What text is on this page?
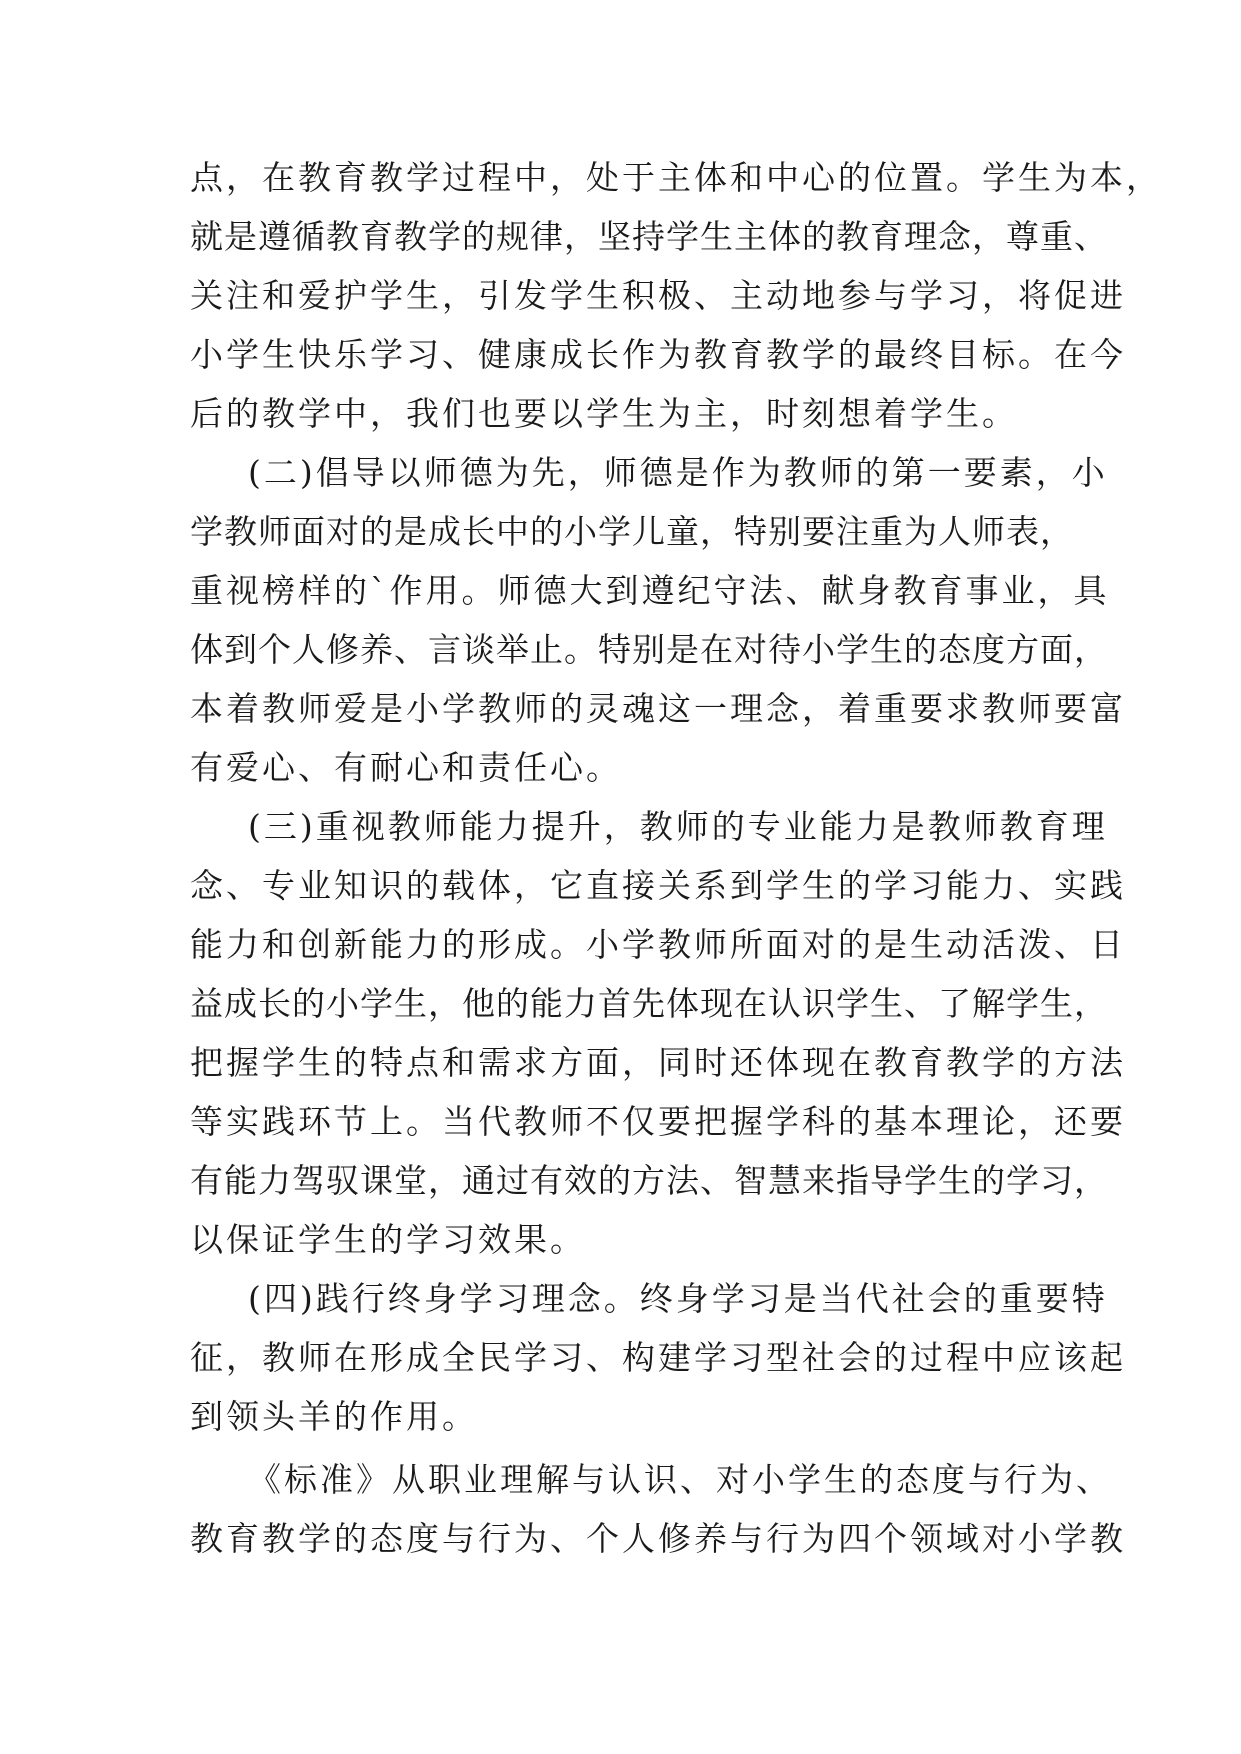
点，在教育教学过程中，处于主体和中心的位置。学生为本，
就是遵循教育教学的规律，坚持学生主体的教育理念，尊重、
关注和爱护学生，引发学生积极、主动地参与学习，将促进
小学生快乐学习、健康成长作为教育教学的最终目标。在今
后的教学中，我们也要以学生为主，时刻想着学生。
(二)倡导以师德为先，师德是作为教师的第一要素，小
学教师面对的是成长中的小学儿童，特别要注重为人师表，
重视榜样的`作用。师德大到遵纪守法、献身教育事业，具
体到个人修养、言谈举止。特别是在对待小学生的态度方面，
本着教师爱是小学教师的灵魂这一理念，着重要求教师要富
有爱心、有耐心和责任心。
(三)重视教师能力提升，教师的专业能力是教师教育理
念、专业知识的载体，它直接关系到学生的学习能力、实践
能力和创新能力的形成。小学教师所面对的是生动活泼、日
益成长的小学生，他的能力首先体现在认识学生、了解学生，
把握学生的特点和需求方面，同时还体现在教育教学的方法
等实践环节上。当代教师不仅要把握学科的基本理论，还要
有能力驾驭课堂，通过有效的方法、智慧来指导学生的学习，
以保证学生的学习效果。
(四)践行终身学习理念。终身学习是当代社会的重要特
征，教师在形成全民学习、构建学习型社会的过程中应该起
到领头羊的作用。
《标准》从职业理解与认识、对小学生的态度与行为、
教育教学的态度与行为、个人修养与行为四个领域对小学教
